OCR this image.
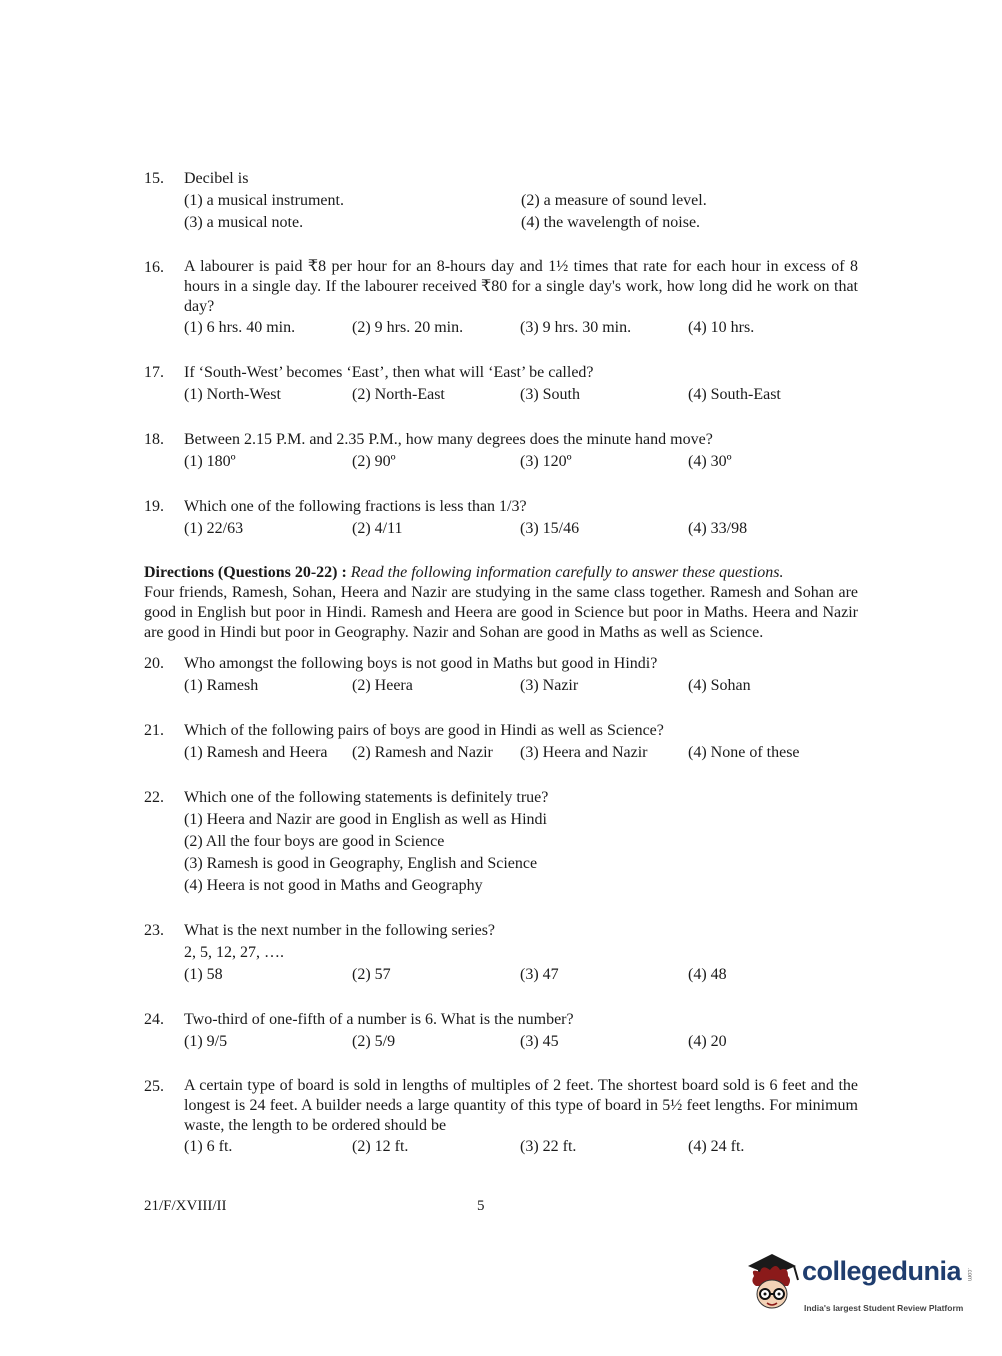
15.	Decibel is
(1) a musical instrument.	(2) a measure of sound level.
(3) a musical note.	(4) the wavelength of noise.
16.	A labourer is paid ₹8 per hour for an 8-hours day and 1½ times that rate for each hour in excess of 8 hours in a single day. If the labourer received ₹80 for a single day's work, how long did he work on that day?
(1) 6 hrs. 40 min.	(2) 9 hrs. 20 min.	(3) 9 hrs. 30 min.	(4) 10 hrs.
17.	If ‘South-West’ becomes ‘East’, then what will ‘East’ be called?
(1) North-West	(2) North-East	(3) South	(4) South-East
18.	Between 2.15 P.M. and 2.35 P.M., how many degrees does the minute hand move?
(1) 180º	(2) 90º	(3) 120º	(4) 30º
19.	Which one of the following fractions is less than 1/3?
(1) 22/63	(2) 4/11	(3) 15/46	(4) 33/98
Directions (Questions 20-22) : Read the following information carefully to answer these questions.
Four friends, Ramesh, Sohan, Heera and Nazir are studying in the same class together. Ramesh and Sohan are good in English but poor in Hindi. Ramesh and Heera are good in Science but poor in Maths. Heera and Nazir are good in Hindi but poor in Geography. Nazir and Sohan are good in Maths as well as Science.
20.	Who amongst the following boys is not good in Maths but good in Hindi?
(1) Ramesh	(2) Heera	(3) Nazir	(4) Sohan
21.	Which of the following pairs of boys are good in Hindi as well as Science?
(1) Ramesh and Heera	(2) Ramesh and Nazir	(3) Heera and Nazir	(4) None of these
22.	Which one of the following statements is definitely true?
(1) Heera and Nazir are good in English as well as Hindi
(2) All the four boys are good in Science
(3) Ramesh is good in Geography, English and Science
(4) Heera is not good in Maths and Geography
23.	What is the next number in the following series?
2, 5, 12, 27, ….
(1) 58	(2) 57	(3) 47	(4) 48
24.	Two-third of one-fifth of a number is 6. What is the number?
(1) 9/5	(2) 5/9	(3) 45	(4) 20
25.	A certain type of board is sold in lengths of multiples of 2 feet. The shortest board sold is 6 feet and the longest is 24 feet. A builder needs a large quantity of this type of board in 5½ feet lengths. For minimum waste, the length to be ordered should be
(1) 6 ft.	(2) 12 ft.	(3) 22 ft.	(4) 24 ft.
21/F/XVIII/II	5
collegedunia .com
India's largest Student Review Platform
